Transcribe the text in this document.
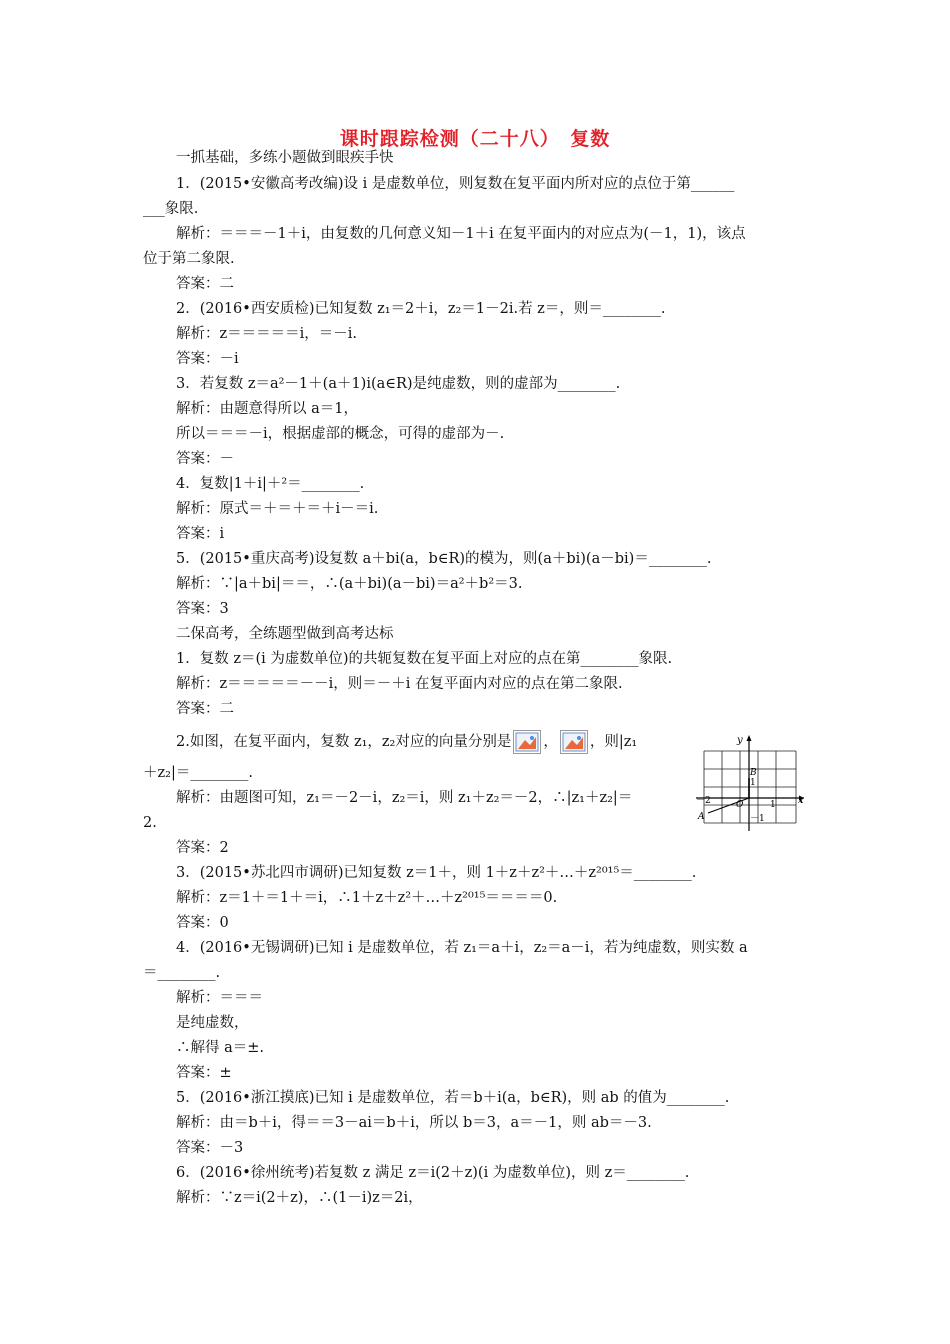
课时跟踪检测（二十八）　复数
一抓基础，多练小题做到眼疾手快
1．(2015•安徽高考改编)设 i 是虚数单位，则复数在复平面内所对应的点位于第______
___象限.
解析：＝＝＝－1＋i，由复数的几何意义知－1＋i 在复平面内的对应点为(－1，1)，该点
位于第二象限.
答案：二
2．(2016•西安质检)已知复数 z₁＝2＋i，z₂＝1－2i.若 z＝，则＝________.
解析：z＝＝＝＝＝i，＝－i.
答案：－i
3．若复数 z＝a²－1＋(a＋1)i(a∈R)是纯虚数，则的虚部为________.
解析：由题意得所以 a＝1，
所以＝＝＝－i，根据虚部的概念，可得的虚部为－.
答案：－
4．复数|1＋i|＋²＝________.
解析：原式＝＋＝＋＝＋i－＝i.
答案：i
5．(2015•重庆高考)设复数 a＋bi(a，b∈R)的模为，则(a＋bi)(a－bi)＝________.
解析：∵|a＋bi|＝＝，∴(a＋bi)(a－bi)＝a²＋b²＝3.
答案：3
二保高考，全练题型做到高考达标
1．复数 z＝(i 为虚数单位)的共轭复数在复平面上对应的点在第________象限.
解析：z＝＝＝＝＝－－i，则＝－＋i 在复平面内对应的点在第二象限.
答案：二
2.如图，在复平面内，复数 z₁，z₂对应的向量分别是 ， ，则|z₁
＋z₂|＝________.
解析：由题图可知，z₁＝－2－i，z₂＝i，则 z₁＋z₂＝－2，∴|z₁＋z₂|＝
2.
答案：2
y
x
B
1
A
O	1
－2
－1
3．(2015•苏北四市调研)已知复数 z＝1＋，则 1＋z＋z²＋…＋z²⁰¹⁵＝________.
解析：z＝1＋＝1＋＝i，∴1＋z＋z²＋…＋z²⁰¹⁵＝＝＝＝0.
答案：0
4．(2016•无锡调研)已知 i 是虚数单位，若 z₁＝a＋i，z₂＝a－i，若为纯虚数，则实数 a
＝________.
解析：＝＝＝
是纯虚数，
∴解得 a＝±.
答案：±
5．(2016•浙江摸底)已知 i 是虚数单位，若＝b＋i(a，b∈R)，则 ab 的值为________.
解析：由＝b＋i，得＝＝3－ai＝b＋i，所以 b＝3，a＝－1，则 ab＝－3.
答案：－3
6．(2016•徐州统考)若复数 z 满足 z＝i(2＋z)(i 为虚数单位)，则 z＝________.
解析：∵z＝i(2＋z)，∴(1－i)z＝2i，
